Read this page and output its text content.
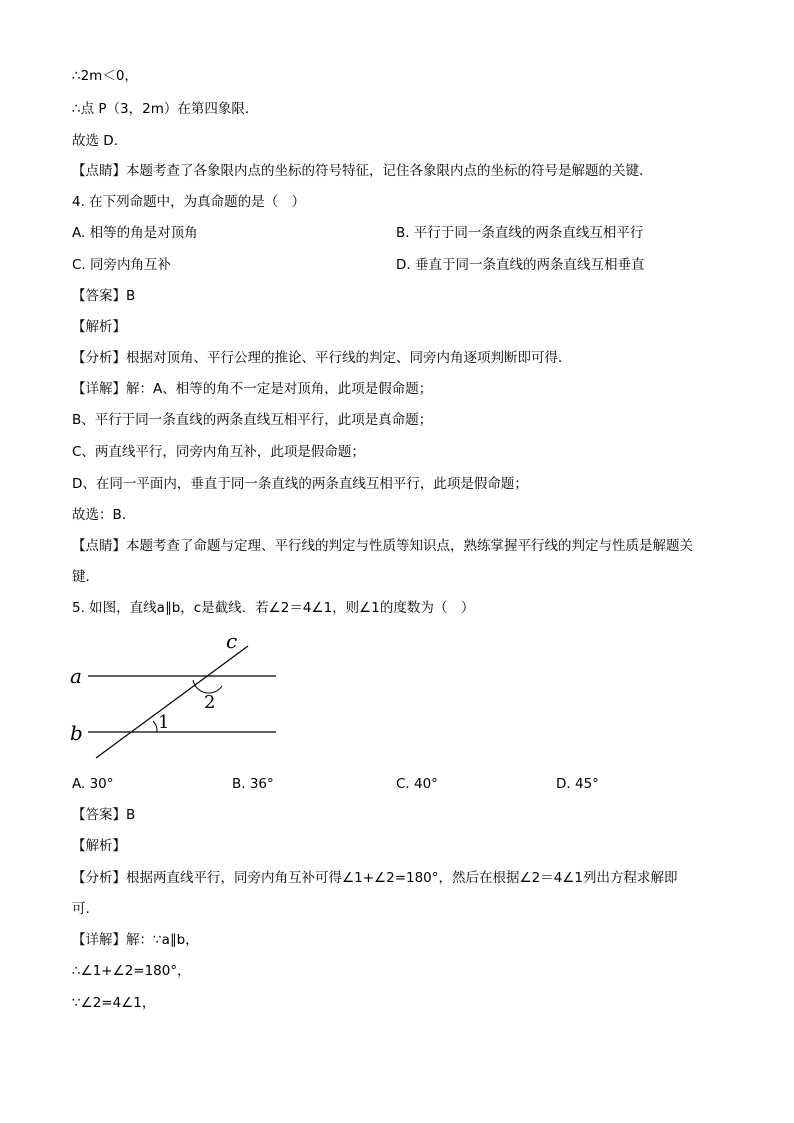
∴2m＜0，
∴点 P（3，2m）在第四象限．
故选 D．
【点睛】本题考查了各象限内点的坐标的符号特征，记住各象限内点的坐标的符号是解题的关键.
4. 在下列命题中，为真命题的是（　）
A. 相等的角是对顶角	B. 平行于同一条直线的两条直线互相平行
C. 同旁内角互补	D. 垂直于同一条直线的两条直线互相垂直
【答案】B
【解析】
【分析】根据对顶角、平行公理的推论、平行线的判定、同旁内角逐项判断即可得．
【详解】解：A、相等的角不一定是对顶角，此项是假命题；
B、平行于同一条直线的两条直线互相平行，此项是真命题；
C、两直线平行，同旁内角互补，此项是假命题；
D、在同一平面内，垂直于同一条直线的两条直线互相平行，此项是假命题；
故选：B．
【点睛】本题考查了命题与定理、平行线的判定与性质等知识点，熟练掌握平行线的判定与性质是解题关
键．
5. 如图，直线a∥b，c是截线．若∠2＝4∠1，则∠1的度数为（　）
a
b
c
1
2
A. 30°	B. 36°	C. 40°	D. 45°
【答案】B
【解析】
【分析】根据两直线平行，同旁内角互补可得∠1+∠2=180°，然后在根据∠2＝4∠1列出方程求解即
可．
【详解】解：∵a∥b，
∴∠1+∠2=180°，
∵∠2=4∠1，
